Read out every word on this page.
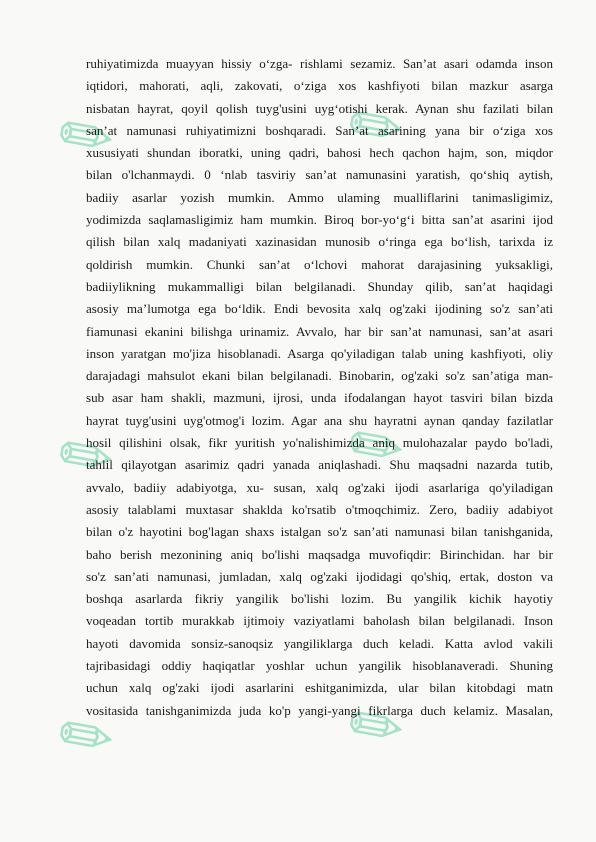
✎	✎
✎	✎
✎	✎
ruhiyatimizda muayyan hissiy o‘zga- rishlami sezamiz. San’at asari odamda inson
iqtidori, mahorati, aqli, zakovati, o‘ziga xos kashfiyoti bilan mazkur asarga
nisbatan hayrat, qoyil qolish tuyg'usini uyg‘otishi kerak. Aynan shu fazilati bilan
san’at namunasi ruhiyatimizni boshqaradi. San’at asarining yana bir o‘ziga xos
xususiyati shundan iboratki, uning qadri, bahosi hech qachon hajm, son, miqdor
bilan o'lchanmaydi. 0 ‘nlab tasviriy san’at namunasini yaratish, qo‘shiq aytish,
badiiy asarlar yozish mumkin. Ammo ulaming mualliflarini tanimasligimiz,
yodimizda saqlamasligimiz ham mumkin. Biroq bor-yo‘g‘i bitta san’at asarini ijod
qilish bilan xalq madaniyati xazinasidan munosib o‘ringa ega bo‘lish, tarixda iz
qoldirish mumkin. Chunki san’at o‘lchovi mahorat darajasining yuksakligi,
badiiylikning mukammalligi bilan belgilanadi. Shunday qilib, san’at haqidagi
asosiy ma’lumotga ega bo‘ldik. Endi bevosita xalq og'zaki ijodining so'z san’ati
fiamunasi ekanini bilishga urinamiz. Avvalo, har bir san’at namunasi, san’at asari
inson yaratgan mo'jiza hisoblanadi. Asarga qo'yiladigan talab uning kashfiyoti, oliy
darajadagi mahsulot ekani bilan belgilanadi. Binobarin, og'zaki so'z san’atiga man-
sub asar ham shakli, mazmuni, ijrosi, unda ifodalangan hayot tasviri bilan bizda
hayrat tuyg'usini uyg'otmog'i lozim. Agar ana shu hayratni aynan qanday fazilatlar
hosil qilishini olsak, fikr yuritish yo'nalishimizda aniq mulohazalar paydo bo'ladi,
tahlil qilayotgan asarimiz qadri yanada aniqlashadi. Shu maqsadni nazarda tutib,
avvalo, badiiy adabiyotga, xu- susan, xalq og'zaki ijodi asarlariga qo'yiladigan
asosiy talablami muxtasar shaklda ko'rsatib o'tmoqchimiz. Zero, badiiy adabiyot
bilan o'z hayotini bog'lagan shaxs istalgan so'z san’ati namunasi bilan tanishganida,
baho berish mezonining aniq bo'lishi maqsadga muvofiqdir: Birinchidan. har bir
so'z san’ati namunasi, jumladan, xalq og'zaki ijodidagi qo'shiq, ertak, doston va
boshqa asarlarda fikriy yangilik bo'lishi lozim. Bu yangilik kichik hayotiy
voqeadan tortib murakkab ijtimoiy vaziyatlami baholash bilan belgilanadi. Inson
hayoti davomida sonsiz-sanoqsiz yangiliklarga duch keladi. Katta avlod vakili
tajribasidagi oddiy haqiqatlar yoshlar uchun yangilik hisoblanaveradi. Shuning
uchun xalq og'zaki ijodi asarlarini eshitganimizda, ular bilan kitobdagi matn
vositasida tanishganimizda juda ko'p yangi-yangi fikrlarga duch kelamiz. Masalan,
